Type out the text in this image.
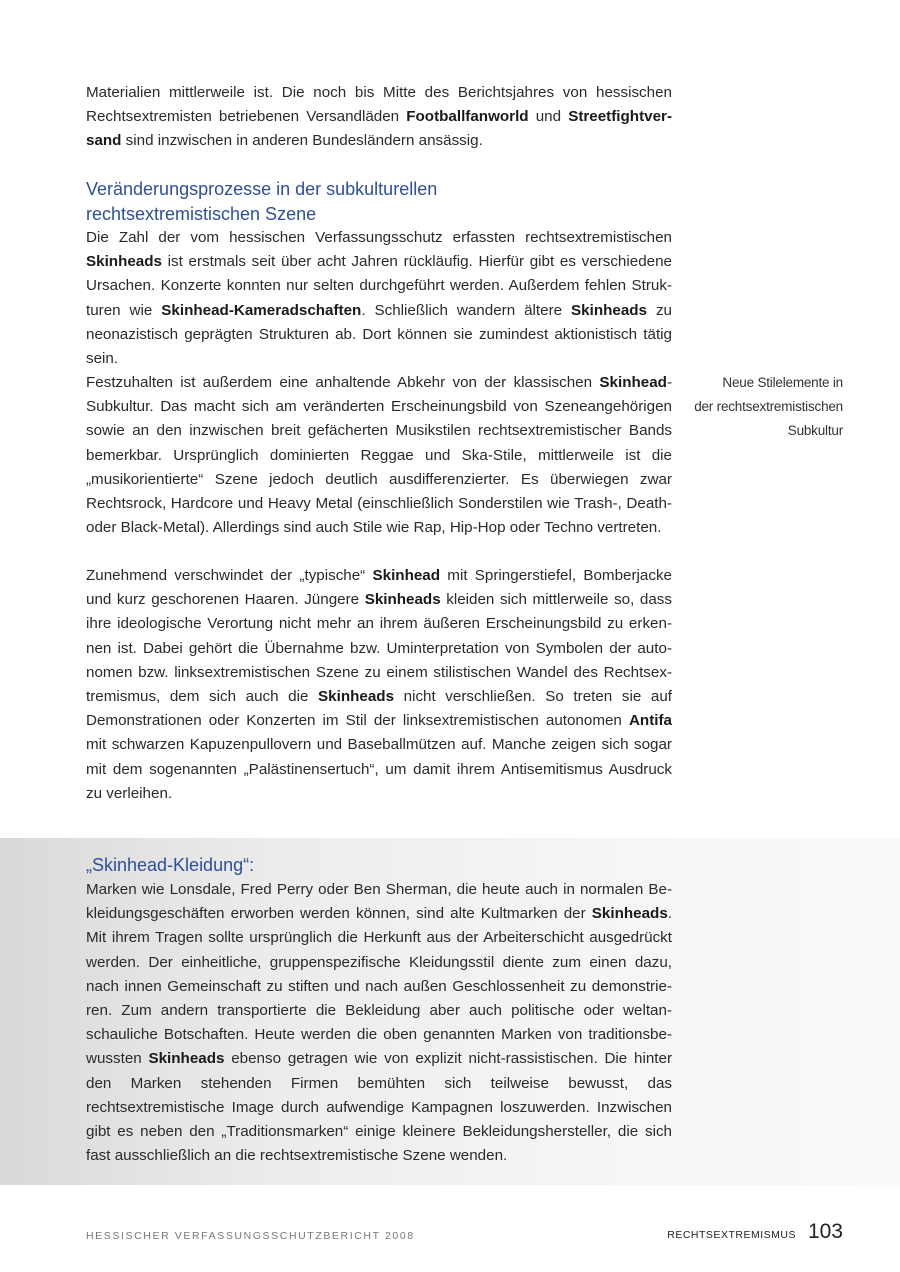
Materialien mittlerweile ist. Die noch bis Mitte des Berichtsjahres von hessischen Rechtsextremisten betriebenen Versandläden Footballfanworld und Streetfightversand sind inzwischen in anderen Bundesländern ansässig.

Veränderungsprozesse in der subkulturellen
rechtsextremistischen Szene

Die Zahl der vom hessischen Verfassungsschutz erfassten rechtsextremistischen Skinheads ist erstmals seit über acht Jahren rückläufig. Hierfür gibt es verschiedene Ursachen. Konzerte konnten nur selten durchgeführt werden. Außerdem fehlen Strukturen wie Skinhead-Kameradschaften. Schließlich wandern ältere Skinheads zu neonazistisch geprägten Strukturen ab. Dort können sie zumindest aktionistisch tätig sein.

Neue Stilelemente in
der rechtsextremistischen
Subkultur

Festzuhalten ist außerdem eine anhaltende Abkehr von der klassischen Skinhead-Subkultur. Das macht sich am veränderten Erscheinungsbild von Szeneangehörigen sowie an den inzwischen breit gefächerten Musikstilen rechtsextremistischer Bands bemerkbar. Ursprünglich dominierten Reggae und Ska-Stile, mittlerweile ist die „musikorientierte“ Szene jedoch deutlich ausdifferenzierter. Es überwiegen zwar Rechtsrock, Hardcore und Heavy Metal (einschließlich Sonderstilen wie Trash-, Death- oder Black-Metal). Allerdings sind auch Stile wie Rap, Hip-Hop oder Techno vertreten.

Zunehmend verschwindet der „typische“ Skinhead mit Springerstiefel, Bomberjacke und kurz geschorenen Haaren. Jüngere Skinheads kleiden sich mittlerweile so, dass ihre ideologische Verortung nicht mehr an ihrem äußeren Erscheinungsbild zu erkennen ist. Dabei gehört die Übernahme bzw. Uminterpretation von Symbolen der autonomen bzw. linksextremistischen Szene zu einem stilistischen Wandel des Rechtsextremismus, dem sich auch die Skinheads nicht verschließen. So treten sie auf Demonstrationen oder Konzerten im Stil der linksextremistischen autonomen Antifa mit schwarzen Kapuzenpullovern und Baseballmützen auf. Manche zeigen sich sogar mit dem sogenannten „Palästinensertuch“, um damit ihrem Antisemitismus Ausdruck zu verleihen.

„Skinhead-Kleidung“:

Marken wie Lonsdale, Fred Perry oder Ben Sherman, die heute auch in normalen Bekleidungsgeschäften erworben werden können, sind alte Kultmarken der Skinheads. Mit ihrem Tragen sollte ursprünglich die Herkunft aus der Arbeiterschicht ausgedrückt werden. Der einheitliche, gruppenspezifische Kleidungsstil diente zum einen dazu, nach innen Gemeinschaft zu stiften und nach außen Geschlossenheit zu demonstrieren. Zum andern transportierte die Bekleidung aber auch politische oder weltanschauliche Botschaften. Heute werden die oben genannten Marken von traditionsbewussten Skinheads ebenso getragen wie von explizit nicht-rassistischen. Die hinter den Marken stehenden Firmen bemühten sich teilweise bewusst, das rechtsextremistische Image durch aufwendige Kampagnen loszuwerden. Inzwischen gibt es neben den „Traditionsmarken“ einige kleinere Bekleidungshersteller, die sich fast ausschließlich an die rechtsextremistische Szene wenden.

HESSISCHER VERFASSUNGSSCHUTZBERICHT 2008	RECHTSEXTREMISMUS 103
